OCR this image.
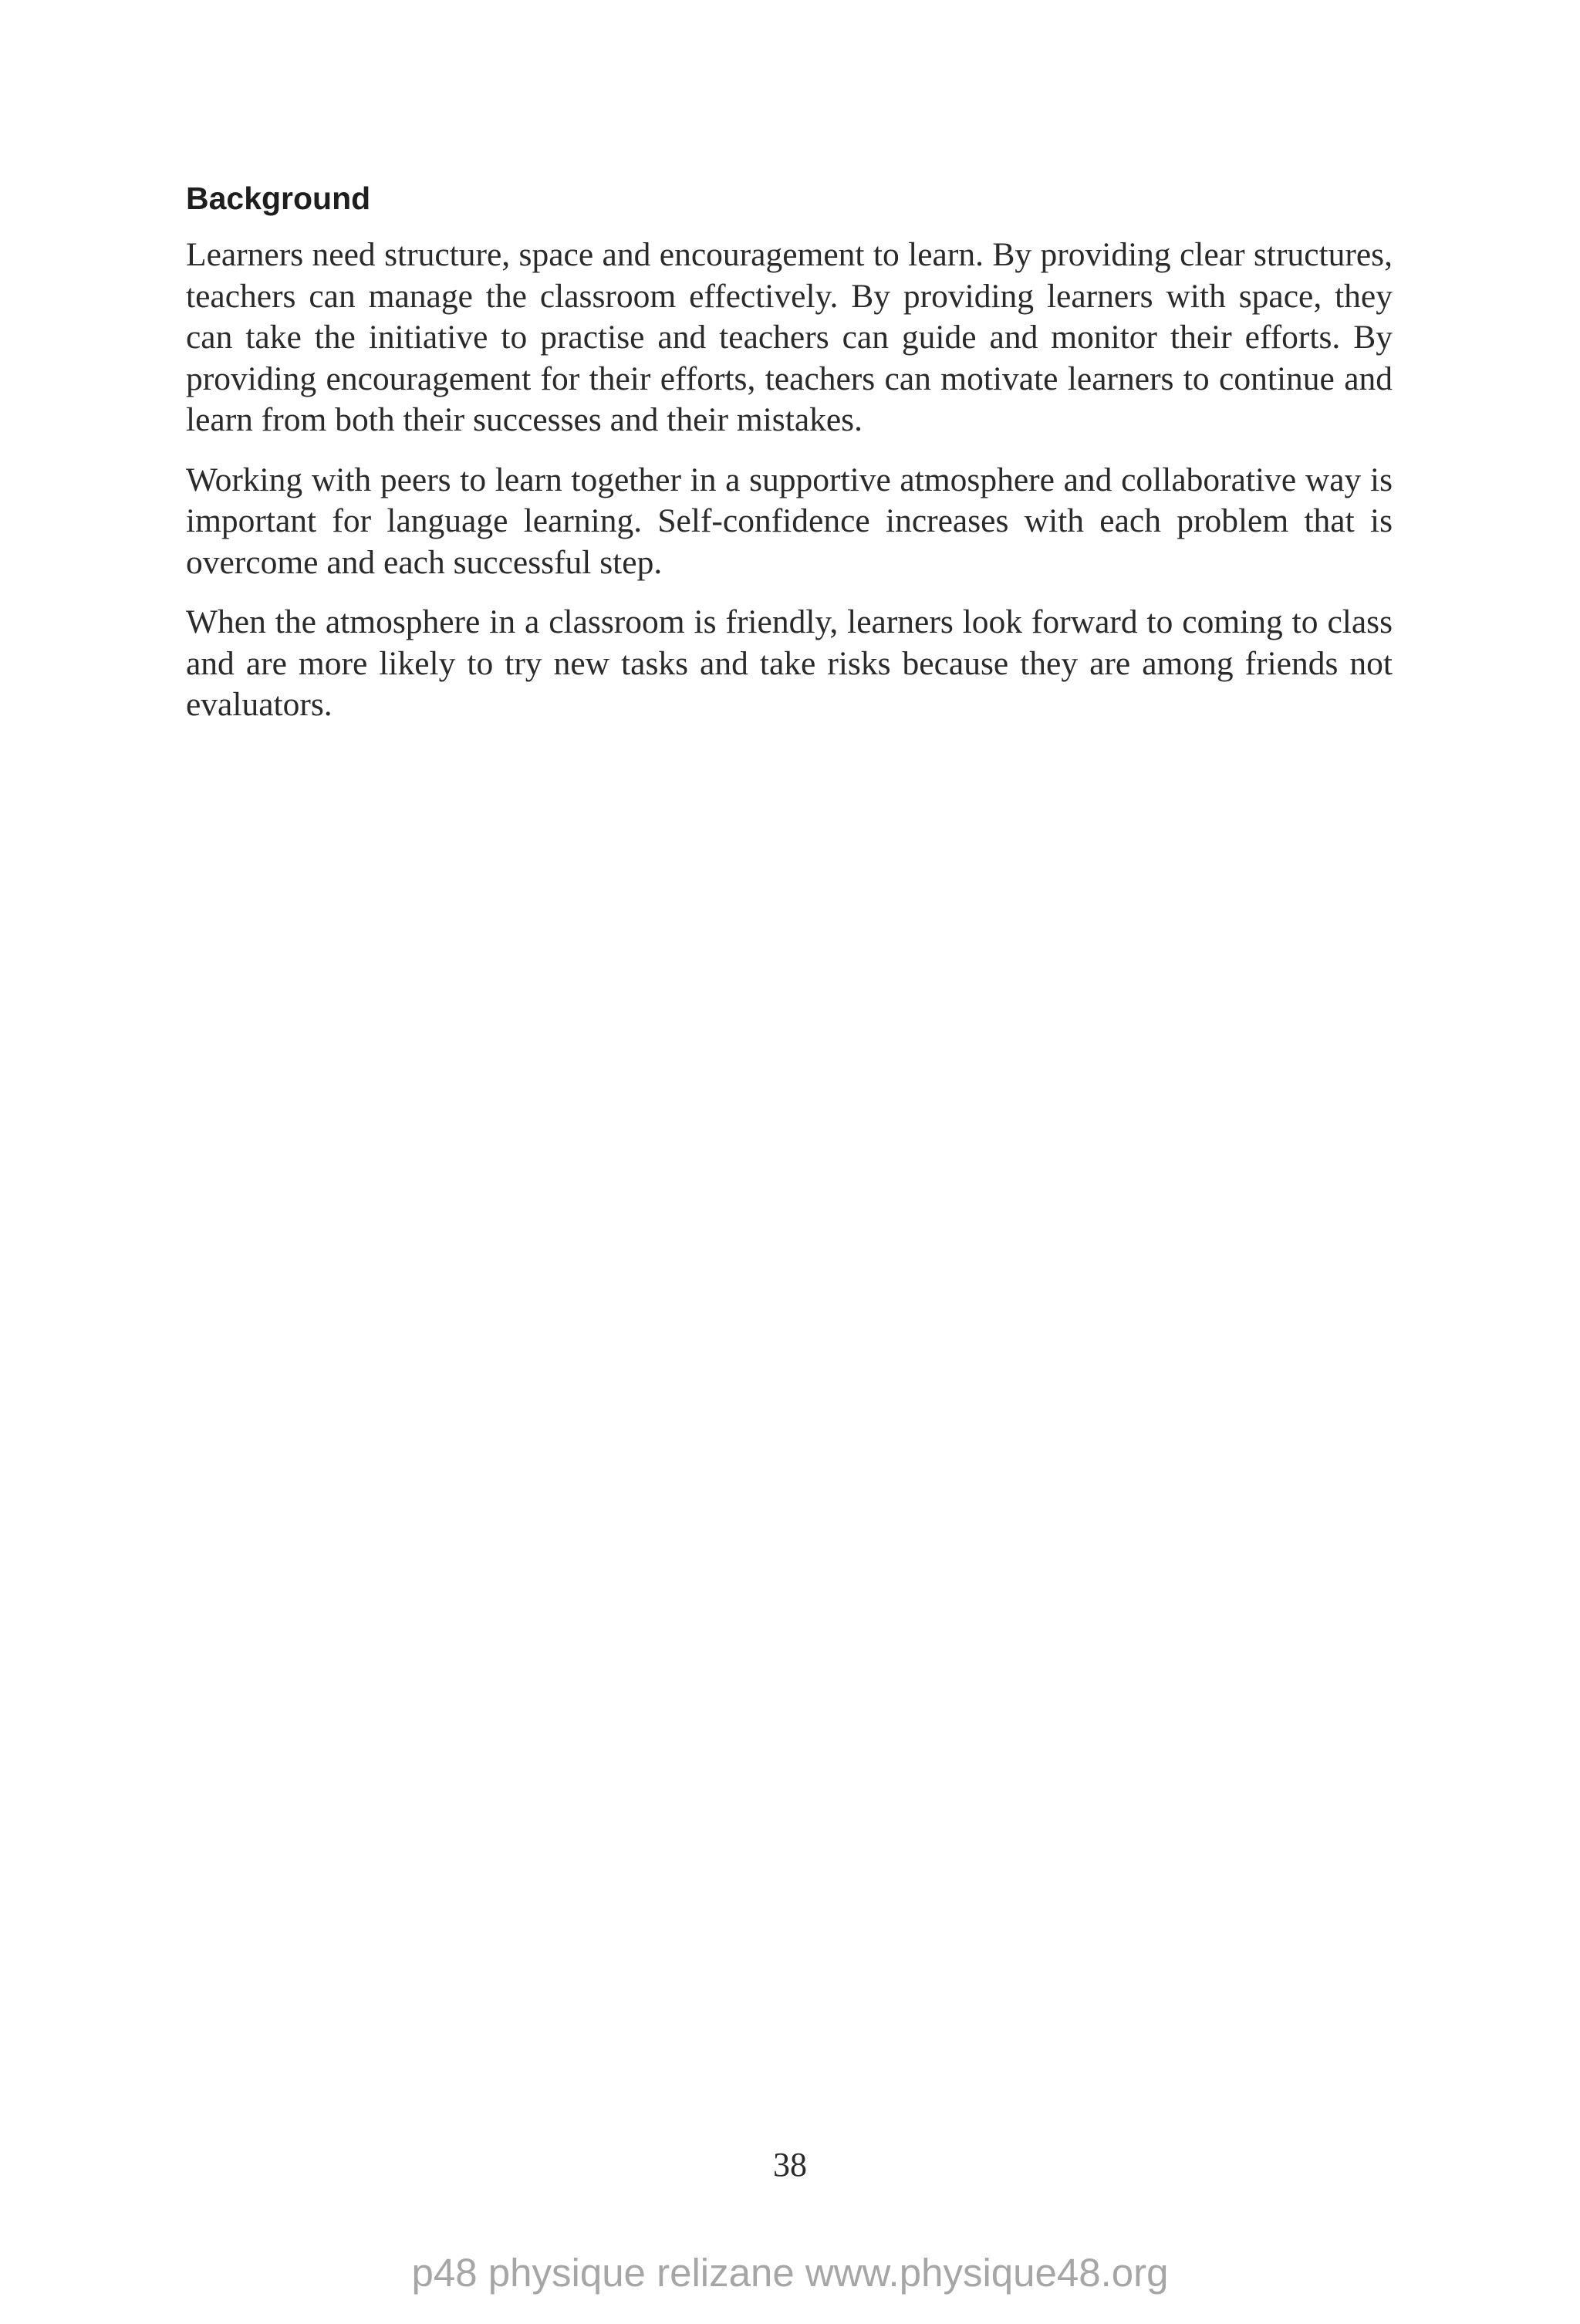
Background

Learners need structure, space and encouragement to learn. By providing clear structures, teachers can manage the classroom effectively. By providing learners with space, they can take the initiative to practise and teachers can guide and monitor their efforts. By providing encouragement for their efforts, teachers can motivate learners to continue and learn from both their successes and their mistakes.

Working with peers to learn together in a supportive atmosphere and collaborative way is important for language learning. Self-confidence increases with each problem that is overcome and each successful step.

When the atmosphere in a classroom is friendly, learners look forward to coming to class and are more likely to try new tasks and take risks because they are among friends not evaluators.

38
p48 physique relizane www.physique48.org
